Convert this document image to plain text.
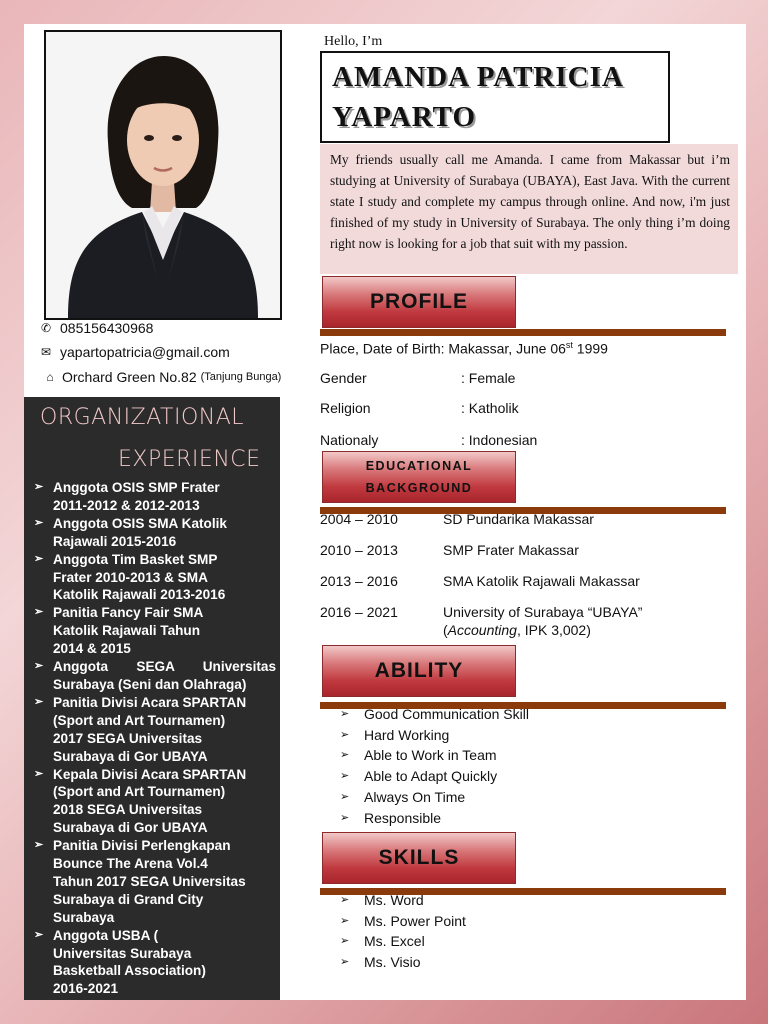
✆ 085156430968
✉ yapartopatricia@gmail.com
⌂ Orchard Green No.82 (Tanjung Bunga)
ORGANIZATIONAL
EXPERIENCE
➢ Anggota OSIS SMP Frater
2011-2012 & 2012-2013
➢ Anggota OSIS SMA Katolik
Rajawali 2015-2016
➢ Anggota Tim Basket SMP
Frater 2010-2013 & SMA
Katolik Rajawali 2013-2016
➢ Panitia Fancy Fair SMA
Katolik Rajawali Tahun
2014 & 2015
➢ Anggota SEGA Universitas
Surabaya (Seni dan Olahraga)
➢ Panitia Divisi Acara SPARTAN
(Sport and Art Tournamen)
2017 SEGA Universitas
Surabaya di Gor UBAYA
➢ Kepala Divisi Acara SPARTAN
(Sport and Art Tournamen)
2018 SEGA Universitas
Surabaya di Gor UBAYA
➢ Panitia Divisi Perlengkapan
Bounce The Arena Vol.4
Tahun 2017 SEGA Universitas
Surabaya di Grand City
Surabaya
➢ Anggota USBA (
Universitas Surabaya
Basketball Association)
2016-2021
Hello, I’m
AMANDA PATRICIA
YAPARTO
My friends usually call me Amanda. I came from Makassar but i’m studying at University of Surabaya (UBAYA), East Java. With the current state I study and complete my campus through online. And now, i'm just finished of my study in University of Surabaya. The only thing i’m doing right now is looking for a job that suit with my passion.
PROFILE
Place, Date of Birth: Makassar, June 06st 1999
Gender	: Female
Religion	: Katholik
Nationaly	: Indonesian
2004 – 2010	SD Pundarika Makassar
EDUCATIONAL
BACKGROUND
2010 – 2013	SMP Frater Makassar
2013 – 2016	SMA Katolik Rajawali Makassar
2016 – 2021	University of Surabaya “UBAYA”
(Accounting, IPK 3,002)
➢ Good Communication Skill
➢ Hard Working
➢ Able to Work in Team
➢ Able to Adapt Quickly
➢ Always On Time
➢ Responsible
ABILITY
➢ Ms. Word
➢ Ms. Power Point
➢ Ms. Excel
➢ Ms. Visio
SKILLS
